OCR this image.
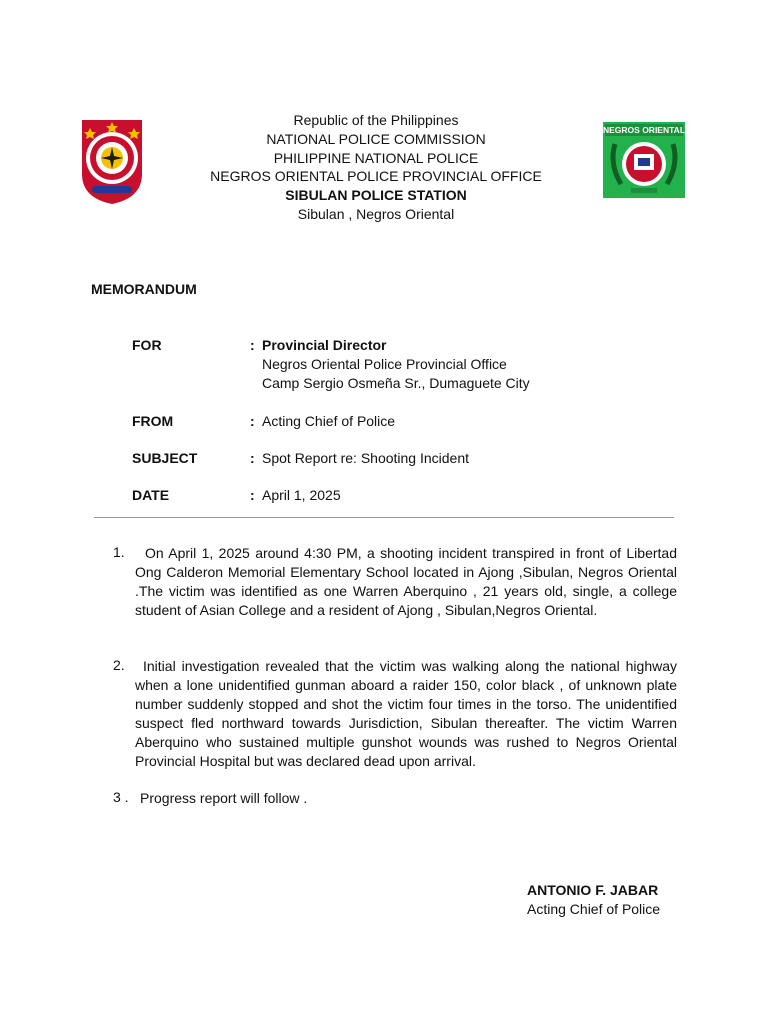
NEGROS ORIENTAL
Republic of the Philippines
NATIONAL POLICE COMMISSION
PHILIPPINE NATIONAL POLICE
NEGROS ORIENTAL POLICE PROVINCIAL OFFICE
SIBULAN POLICE STATION
Sibulan , Negros Oriental
MEMORANDUM
FOR	: Provincial Director
Negros Oriental Police Provincial Office
Camp Sergio Osmeña Sr., Dumaguete City
FROM	: Acting Chief of Police
SUBJECT	: Spot Report re: Shooting Incident
DATE	: April 1, 2025
1.	On April 1, 2025 around 4:30 PM, a shooting incident transpired in front of Libertad Ong Calderon Memorial Elementary School located in Ajong ,Sibulan, Negros Oriental .The victim was identified as one Warren Aberquino , 21 years old, single, a college student of Asian College and a resident of Ajong , Sibulan,Negros Oriental.
2.	Initial investigation revealed that the victim was walking along the national highway when a lone unidentified gunman aboard a raider 150, color black , of unknown plate number suddenly stopped and shot the victim four times in the torso. The unidentified suspect fled northward towards Jurisdiction, Sibulan thereafter. The victim Warren Aberquino who sustained multiple gunshot wounds was rushed to Negros Oriental Provincial Hospital but was declared dead upon arrival.
3 . Progress report will follow .
ANTONIO F. JABAR
Acting Chief of Police
